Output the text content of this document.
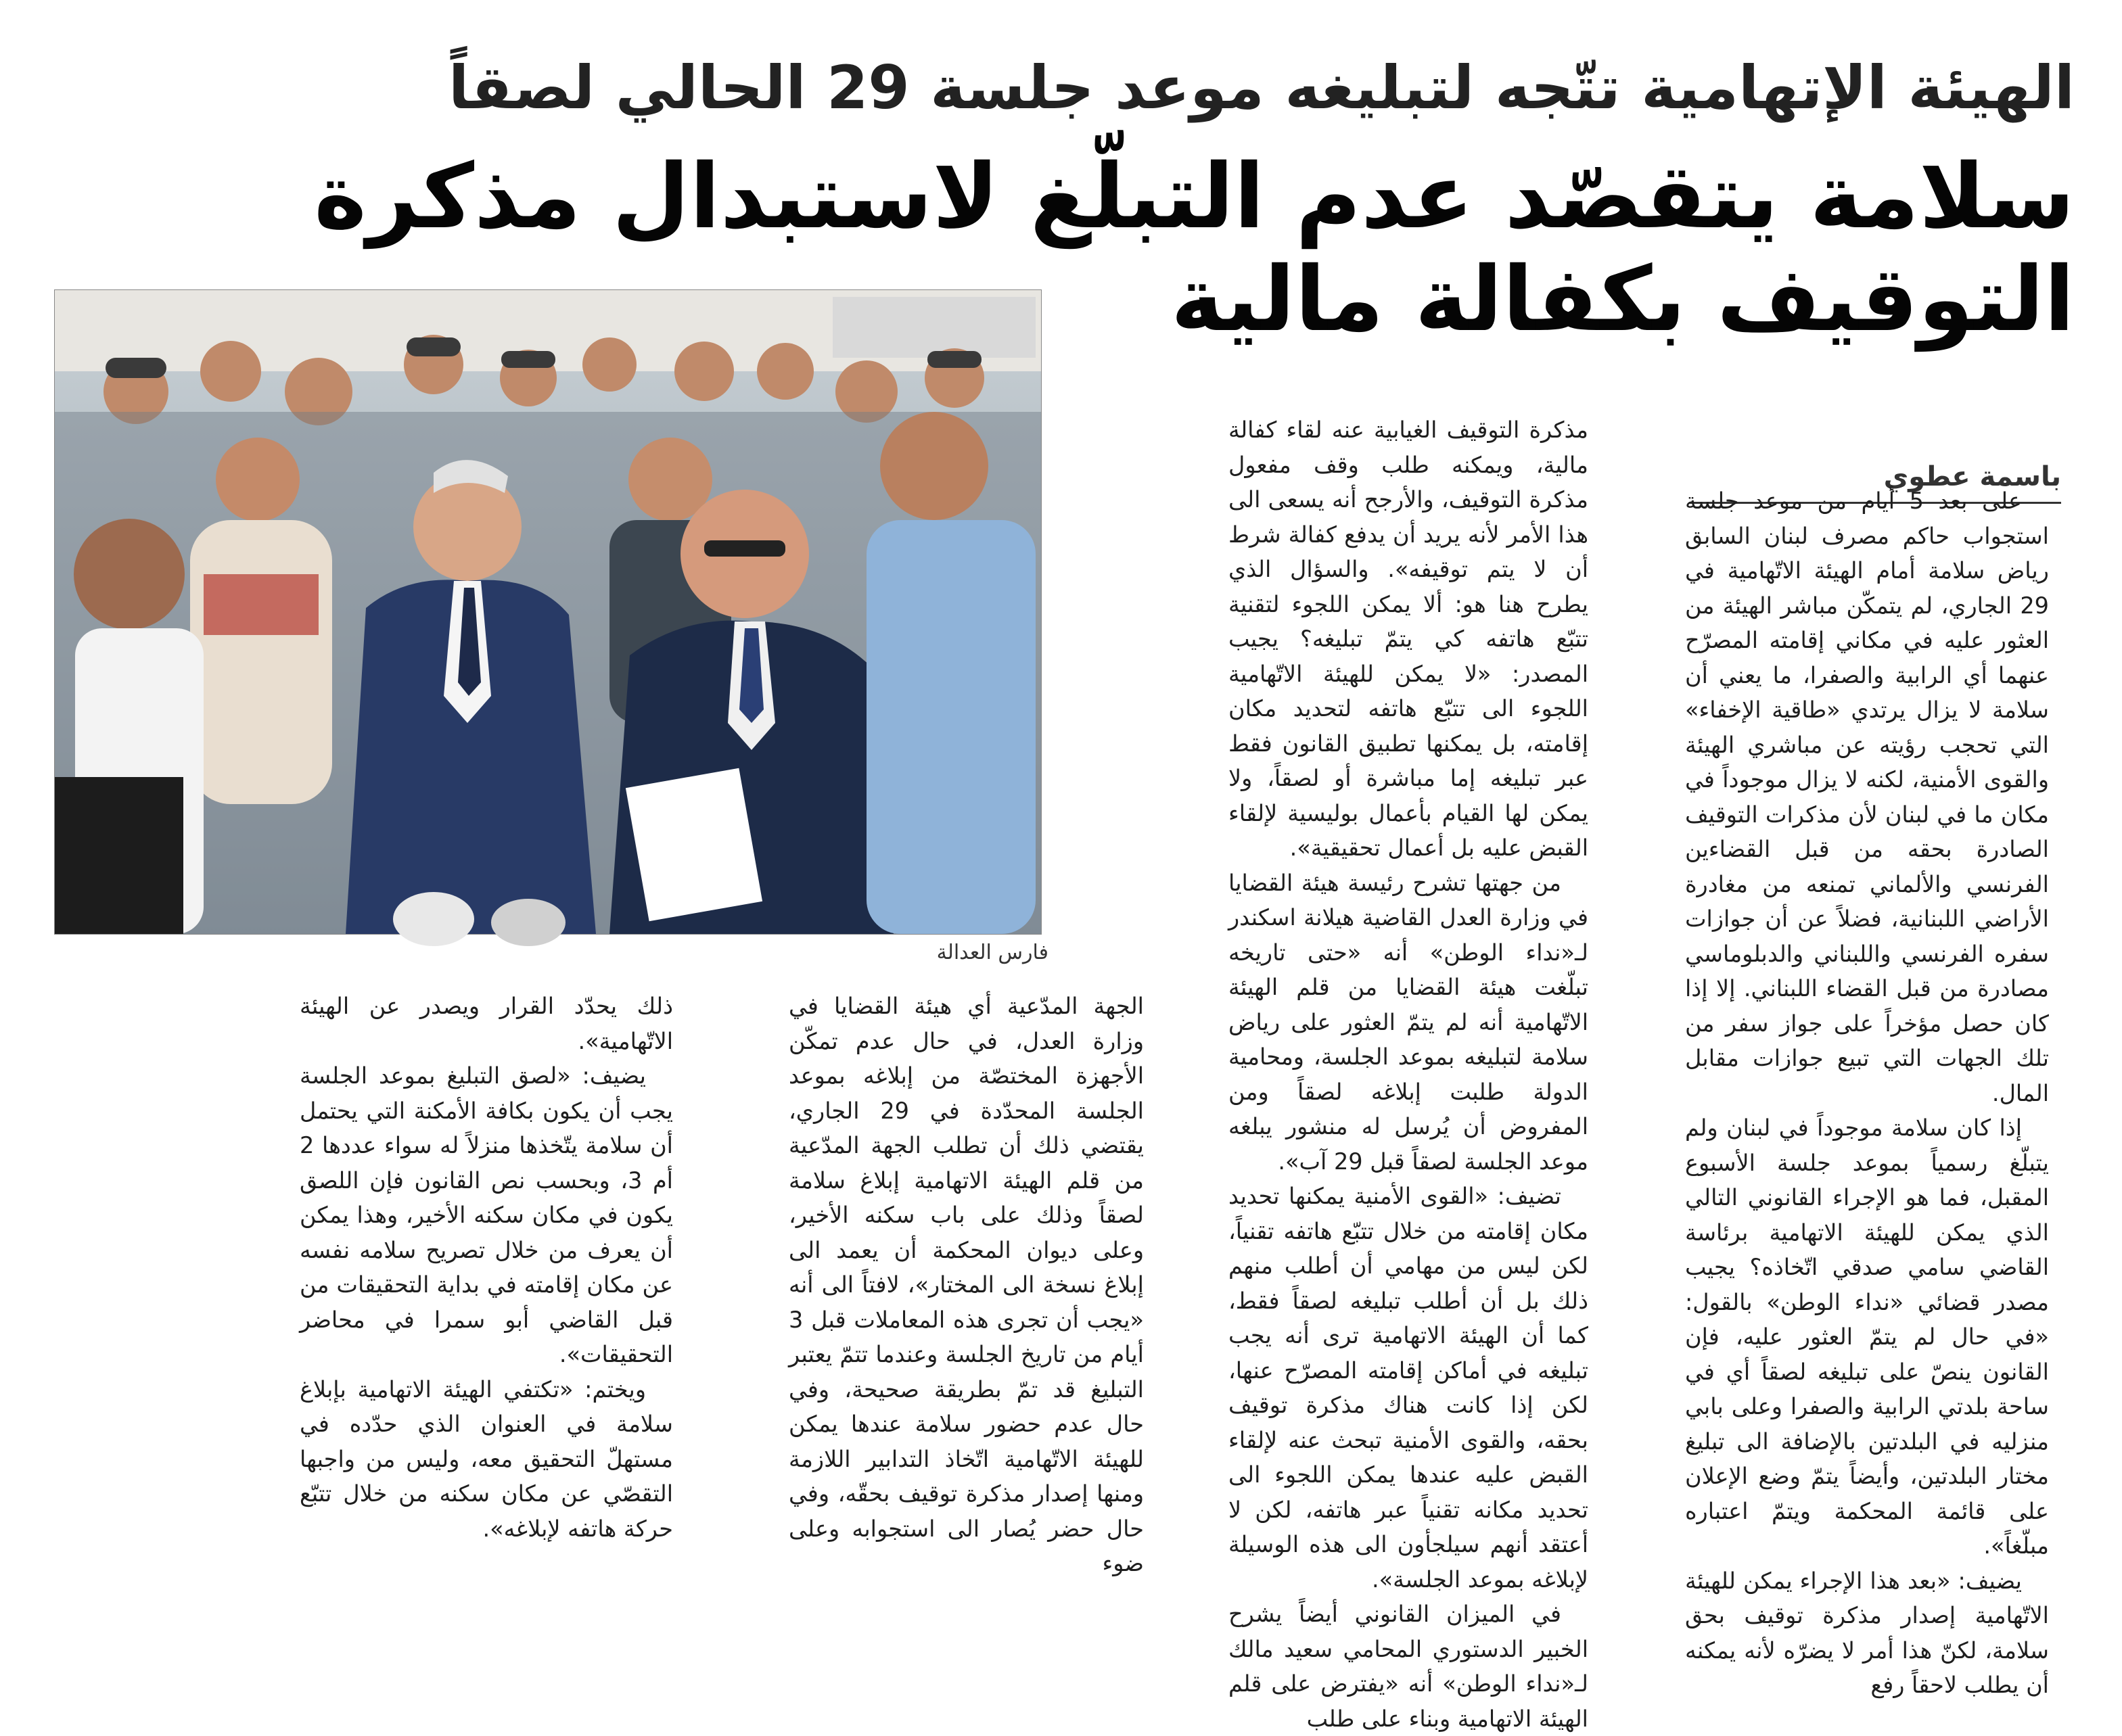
الهيئة الإتهامية تتّجه لتبليغه موعد جلسة 29 الحالي لصقاً
سلامة يتقصّد عدم التبلّغ لاستبدال مذكرة التوقيف بكفالة مالية
باسمة عطوي

على بعد 5 أيام من موعد جلسة استجواب حاكم مصرف لبنان السابق رياض سلامة أمام الهيئة الاتّهامية في 29 الجاري، لم يتمكّن مباشر الهيئة من العثور عليه في مكاني إقامته المصرّح عنهما أي الرابية والصفرا، ما يعني أن سلامة لا يزال يرتدي «طاقية الإخفاء» التي تحجب رؤيته عن مباشري الهيئة والقوى الأمنية، لكنه لا يزال موجوداً في مكان ما في لبنان لأن مذكرات التوقيف الصادرة بحقه من قبل القضاءين الفرنسي والألماني تمنعه من مغادرة الأراضي اللبنانية، فضلاً عن أن جوازات سفره الفرنسي واللبناني والدبلوماسي مصادرة من قبل القضاء اللبناني. إلا إذا كان حصل مؤخراً على جواز سفر من تلك الجهات التي تبيع جوازات مقابل المال.

إذا كان سلامة موجوداً في لبنان ولم يتبلّغ رسمياً بموعد جلسة الأسبوع المقبل، فما هو الإجراء القانوني التالي الذي يمكن للهيئة الاتهامية برئاسة القاضي سامي صدقي اتّخاذه؟ يجيب مصدر قضائي «نداء الوطن» بالقول: «في حال لم يتمّ العثور عليه، فإن القانون ينصّ على تبليغه لصقاً أي في ساحة بلدتي الرابية والصفرا وعلى بابي منزليه في البلدتين بالإضافة الى تبليغ مختار البلدتين، وأيضاً يتمّ وضع الإعلان على قائمة المحكمة ويتمّ اعتباره مبلّغاً».

يضيف: «بعد هذا الإجراء يمكن للهيئة الاتّهامية إصدار مذكرة توقيف بحق سلامة، لكنّ هذا أمر لا يضرّه لأنه يمكنه أن يطلب لاحقاً رفع

مذكرة التوقيف الغيابية عنه لقاء كفالة مالية، ويمكنه طلب وقف مفعول مذكرة التوقيف، والأرجح أنه يسعى الى هذا الأمر لأنه يريد أن يدفع كفالة شرط أن لا يتم توقيفه». والسؤال الذي يطرح هنا هو: ألا يمكن اللجوء لتقنية تتبّع هاتفه كي يتمّ تبليغه؟ يجيب المصدر: «لا يمكن للهيئة الاتّهامية اللجوء الى تتبّع هاتفه لتحديد مكان إقامته، بل يمكنها تطبيق القانون فقط عبر تبليغه إما مباشرة أو لصقاً، ولا يمكن لها القيام بأعمال بوليسية لإلقاء القبض عليه بل أعمال تحقيقية».

من جهتها تشرح رئيسة هيئة القضايا في وزارة العدل القاضية هيلانة اسكندر لـ«نداء الوطن» أنه «حتى تاريخه تبلّغت هيئة القضايا من قلم الهيئة الاتّهامية أنه لم يتمّ العثور على رياض سلامة لتبليغه بموعد الجلسة، ومحامية الدولة طلبت إبلاغه لصقاً ومن المفروض أن يُرسل له منشور يبلغه موعد الجلسة لصقاً قبل 29 آب».

تضيف: «القوى الأمنية يمكنها تحديد مكان إقامته من خلال تتبّع هاتفه تقنياً، لكن ليس من مهامي أن أطلب منهم ذلك بل أن أطلب تبليغه لصقاً فقط، كما أن الهيئة الاتهامية ترى أنه يجب تبليغه في أماكن إقامته المصرّح عنها، لكن إذا كانت هناك مذكرة توقيف بحقه، والقوى الأمنية تبحث عنه لإلقاء القبض عليه عندها يمكن اللجوء الى تحديد مكانه تقنياً عبر هاتفه، لكن لا أعتقد أنهم سيلجأون الى هذه الوسيلة لإبلاغه بموعد الجلسة».

في الميزان القانوني أيضاً يشرح الخبير الدستوري المحامي سعيد مالك لـ«نداء الوطن» أنه «يفترض على قلم الهيئة الاتهامية وبناء على طلب

الجهة المدّعية أي هيئة القضايا في وزارة العدل، في حال عدم تمكّن الأجهزة المختصّة من إبلاغه بموعد الجلسة المحدّدة في 29 الجاري، يقتضي ذلك أن تطلب الجهة المدّعية من قلم الهيئة الاتهامية إبلاغ سلامة لصقاً وذلك على باب سكنه الأخير، وعلى ديوان المحكمة أن يعمد الى إبلاغ نسخة الى المختار»، لافتاً الى أنه «يجب أن تجرى هذه المعاملات قبل 3 أيام من تاريخ الجلسة وعندما تتمّ يعتبر التبليغ قد تمّ بطريقة صحيحة، وفي حال عدم حضور سلامة عندها يمكن للهيئة الاتّهامية اتّخاذ التدابير اللازمة ومنها إصدار مذكرة توقيف بحقّه، وفي حال حضر يُصار الى استجوابه وعلى ضوء

ذلك يحدّد القرار ويصدر عن الهيئة الاتّهامية».

يضيف: «لصق التبليغ بموعد الجلسة يجب أن يكون بكافة الأمكنة التي يحتمل أن سلامة يتّخذها منزلاً له سواء عددها 2 أم 3، وبحسب نص القانون فإن اللصق يكون في مكان سكنه الأخير، وهذا يمكن أن يعرف من خلال تصريح سلامه نفسه عن مكان إقامته في بداية التحقيقات من قبل القاضي أبو سمرا في محاضر التحقيقات».

ويختم: «تكتفي الهيئة الاتهامية بإبلاغ سلامة في العنوان الذي حدّده في مستهلّ التحقيق معه، وليس من واجبها التقصّي عن مكان سكنه من خلال تتبّع حركة هاتفه لإبلاغه».

فارس العدالة
